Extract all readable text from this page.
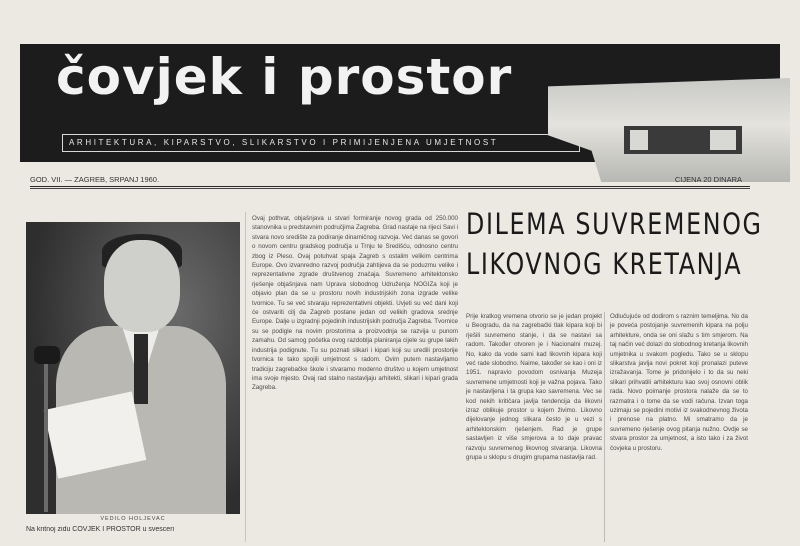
čovjek i prostor
ARHITEKTURA, KIPARSTVO, SLIKARSTVO I PRIMIJENJENA UMJETNOST
GOD. VII. — ZAGREB, SRPANJ 1960.	CIJENA 20 DINARA
VEDILO HOLJEVAC
Na kritnoj zidu ČOVJEK I PROSTOR u svesceri
Ovaj pothvat, objašnjava u stvari formiranje novog grada od 250.000 stanovnika u predstavnim područjima Zagreba. Grad nastaje na rijeci Savi i stvara novo središte za podiranje dinamičnog razvoja. Već danas se govori o novom centru gradskog područja u Trnju te Središću, odnosno centru zbog iz Pleso. Ovaj potuhvat spaja Zagreb s ostalim velikim centrima Europe. Ovo izvanredno razvoj područja zahtijeva da se poduzmu velike i reprezentativne zgrade društvenog značaja. Suvremeno arhitektonsko rješenje objašnjava nam Uprava slobodnog Udruženja NOGIZa koji je objavio plan da se u prostoru novih industrijskih zona izgrade velike tvornice. Tu se već stvaraju reprezentativni objekti. Uvjeti su već dani koji će ostvariti cilj da Zagreb postane jedan od velikih gradova srednje Europe. Dalje u izgradnji pojedinih industrijskih područja Zagreba. Tvornice su se podigle na novim prostorima a proizvodnja se razvija u punom zamahu. Od samog početka ovog razdoblja planiranja cijele su grupe lakih industrija podignute. Tu su poznati slikari i kipari koji su uredili prostorije tvornica te tako spojili umjetnost s radom. Ovim putem nastavljamo tradiciju zagrebačke škole i stvaramo moderno društvo u kojem umjetnost ima svoje mjesto. Ovaj rad stalno nastavljaju arhitekti, slikari i kipari grada Zagreba.
DILEMA SUVREMENOG
LIKOVNOG KRETANJA
Prije kratkog vremena otvorio se je jedan projekt u Beogradu, da na zagrebački tlak kipara koji bi rješili suvremeno stanje, i da se nastavi sa radom. Također otvoren je i Nacionalni muzej. No, kako da vode sami kad likovnih kipara koji već rade slobodno. Naime, također se kao i oni iz 1951. napravio povodom osnivanja Muzeja suvremene umjetnosti koji je važna pojava. Tako je nastavljena i ta grupa kao savremena. Vec se kod nekih kritičara javlja tendencija da likovni izraz oblikuje prostor u kojem živimo. Likovno dijelovanje jednog slikara često je u vezi s arhitektonskim rješenjem. Rad je grupe sastavljen iz više smjerova a to daje pravac razvoju suvremenog likovnog stvaranja. Likovna grupa u sklopu s drugim grupama nastavlja rad.
Odlučujuće od dodirom s raznim temeljima. No da je poveća postojanje suvremenih kipara na polju arhitekture, onda se oni slažu s tim smjerom. Na taj način već dolazi do slobodnog kretanja likovnih umjetnika u svakom pogledu. Tako se u sklopu slikarstva javlja novi pokret koji pronalazi puteve izražavanja. Tome je pridonijelo i to da su neki slikari prihvatili arhitekturu kao svoj osnovni oblik rada. Novo poimanje prostora nalaže da se to razmatra i o tome da se vodi računa. Izvan toga uzimaju se pojedini motivi iz svakodnevnog života i prenose na platno. Mi smatramo da je suvremeno rješenje ovog pitanja nužno. Ovdje se stvara prostor za umjetnost, a isto tako i za život čovjeka u prostoru.
